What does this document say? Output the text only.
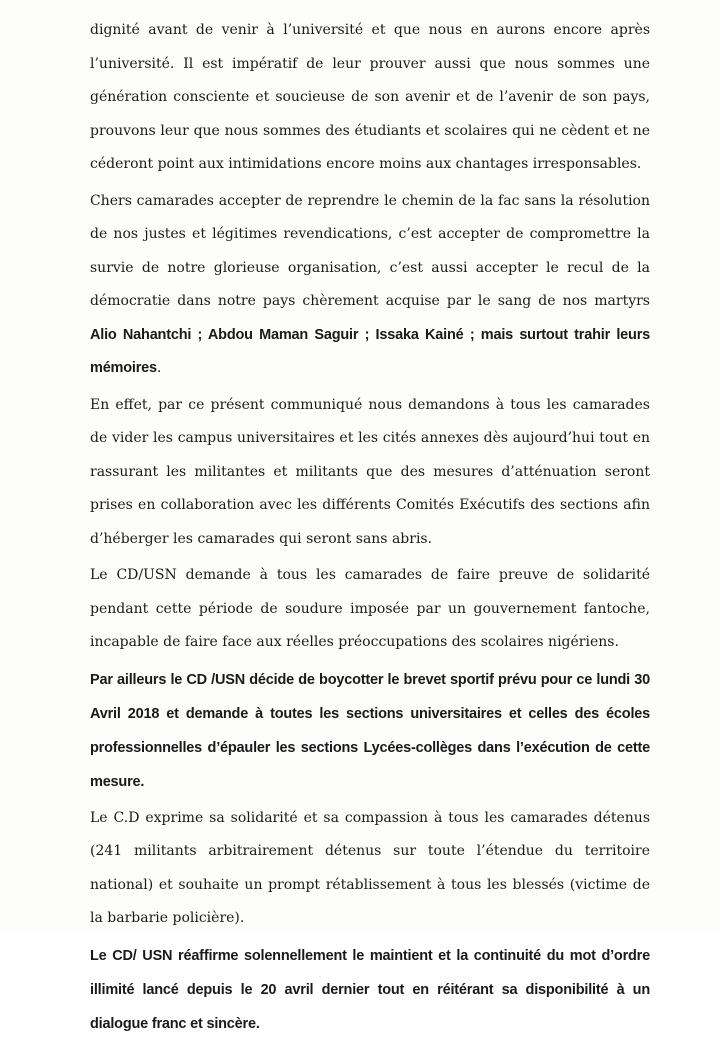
dignité avant de venir à l’université et que nous en aurons encore après l’université. Il est impératif de leur prouver aussi que nous sommes une génération consciente et soucieuse de son avenir et de l’avenir de son pays, prouvons leur que nous sommes des étudiants et scolaires qui ne cèdent et ne céderont point aux intimidations encore moins aux chantages irresponsables.

Chers camarades accepter de reprendre le chemin de la fac sans la résolution de nos justes et légitimes revendications, c’est accepter de compromettre la survie de notre glorieuse organisation, c’est aussi accepter le recul de la démocratie dans notre pays chèrement acquise par le sang de nos martyrs Alio Nahantchi ; Abdou Maman Saguir ; Issaka Kainé ; mais surtout trahir leurs mémoires.

En effet, par ce présent communiqué nous demandons à tous les camarades de vider les campus universitaires et les cités annexes dès aujourd’hui tout en rassurant les militantes et militants que des mesures d’atténuation seront prises en collaboration avec les différents Comités Exécutifs des sections afin d’héberger les camarades qui seront sans abris.

Le CD/USN demande à tous les camarades de faire preuve de solidarité pendant cette période de soudure imposée par un gouvernement fantoche, incapable de faire face aux réelles préoccupations des scolaires nigériens.

Par ailleurs le CD /USN décide de boycotter le brevet sportif prévu pour ce lundi 30 Avril 2018 et demande à toutes les sections universitaires et celles des écoles professionnelles d’épauler les sections Lycées-collèges dans l’exécution de cette mesure.

Le C.D exprime sa solidarité et sa compassion à tous les camarades détenus (241 militants arbitrairement détenus sur toute l’étendue du territoire national) et souhaite un prompt rétablissement à tous les blessés (victime de la barbarie policière).

Le CD/ USN réaffirme solennellement le maintient et la continuité du mot d’ordre illimité lancé depuis le 20 avril dernier tout en réitérant sa disponibilité à un dialogue franc et sincère.
